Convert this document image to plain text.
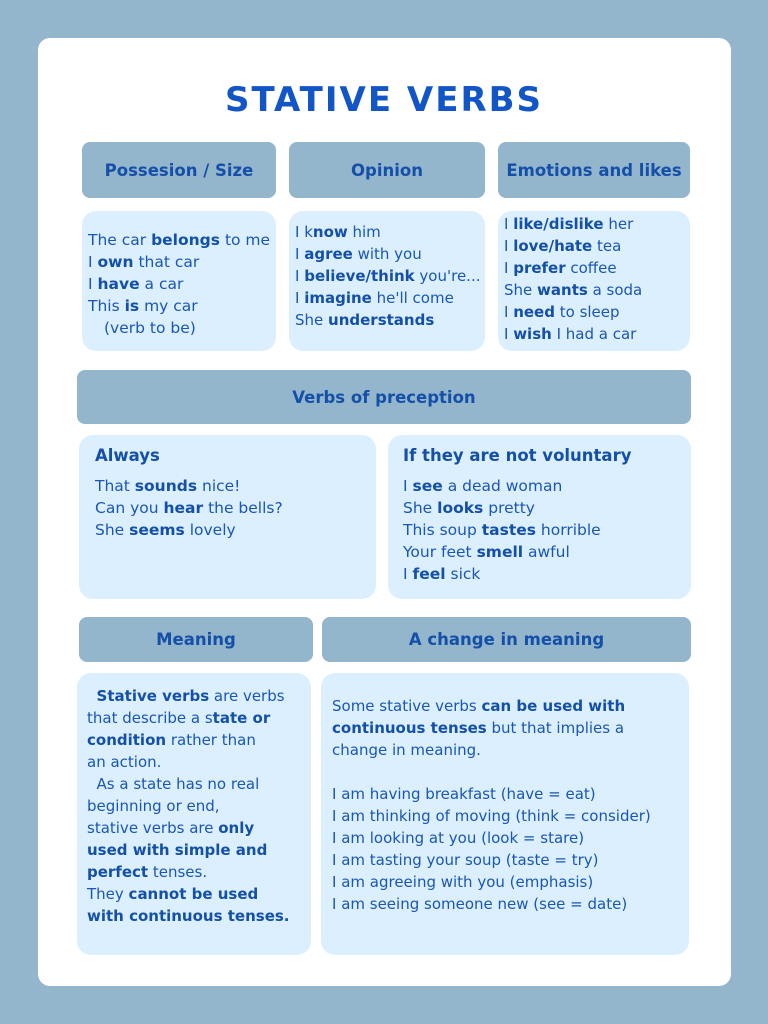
STATIVE VERBS
Possesion / Size	Opinion	Emotions and likes

The car belongs to me

I own that car

I have a car

This is my car

(verb to be)

I know him

I agree with you

I believe/think you're...

I imagine he'll come

She understands

I like/dislike her

I love/hate tea

I prefer coffee

She wants a soda

I need to sleep

I wish I had a car

Verbs of preception
Always

That sounds nice!

Can you hear the bells?

She seems lovely

If they are not voluntary

I see a dead woman

She looks pretty

This soup tastes horrible

Your feet smell awful

I feel sick

Meaning	A change in meaning

Stative verbs are verbs

that describe a state or

condition rather than

an action.

As a state has no real

beginning or end,

stative verbs are only

used with simple and

perfect tenses.

They cannot be used

with continuous tenses.

Some stative verbs can be used with

continuous tenses but that implies a

change in meaning.

I am having breakfast (have = eat)

I am thinking of moving (think = consider)

I am looking at you (look = stare)

I am tasting your soup (taste = try)

I am agreeing with you (emphasis)

I am seeing someone new (see = date)
